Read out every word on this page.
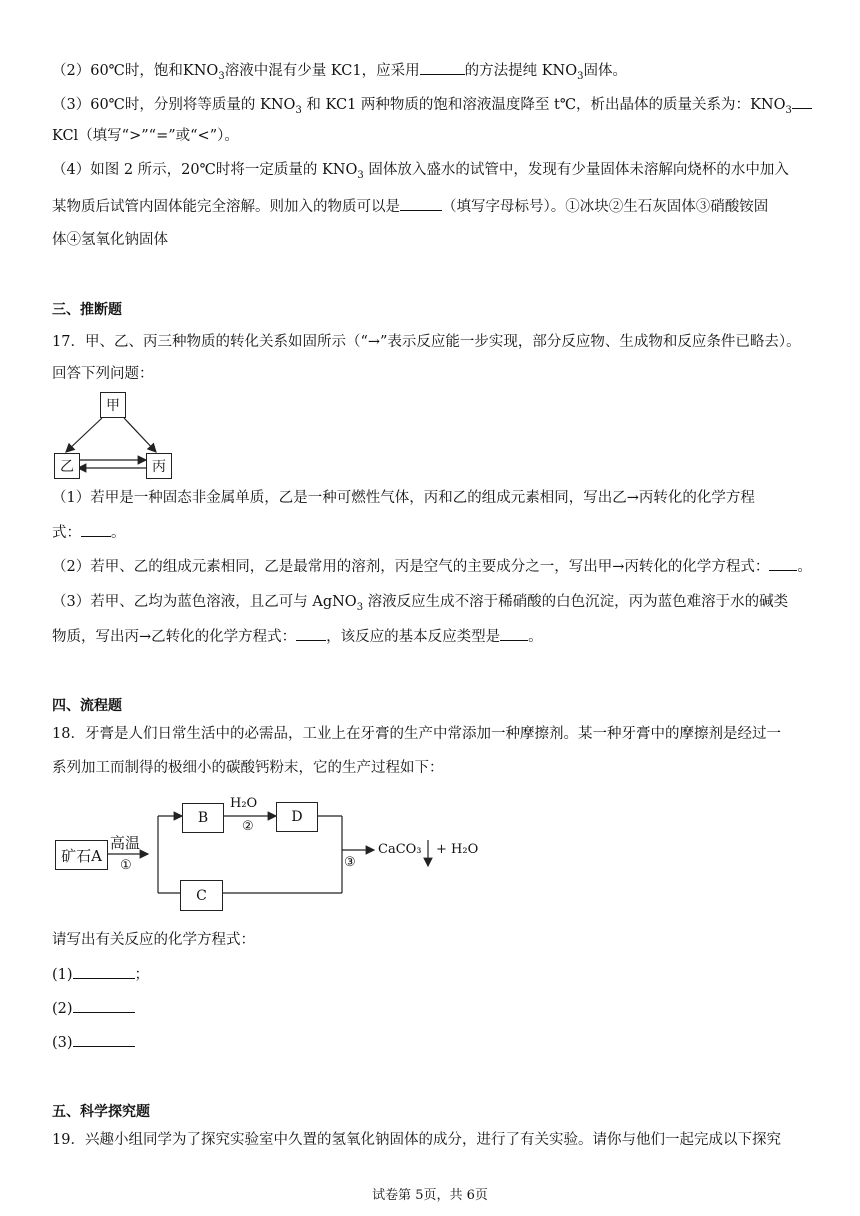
（2）60℃时，饱和$KNO_3$溶液中混有少量 KC1，应采用	的方法提纯 $KNO_3$固体。
（3）60℃时，分别将等质量的 $KNO_3$ 和 KC1 两种物质的饱和溶液温度降至 t℃，析出晶体的质量关系为：$KNO_3$
KCl（填写“>”“=”或“<”）。
（4）如图 2 所示，20℃时将一定质量的 $KNO_3$ 固体放入盛水的试管中，发现有少量固体未溶解向烧杯的水中加入
某物质后试管内固体能完全溶解。则加入的物质可以是	（填写字母标号）。①冰块②生石灰固体③硝酸铵固
体④氢氧化钠固体
三、推断题
17．甲、乙、丙三种物质的转化关系如固所示（“→”表示反应能一步实现，部分反应物、生成物和反应条件已略去）。
回答下列问题：
甲
乙	丙
（1）若甲是一种固态非金属单质，乙是一种可燃性气体，丙和乙的组成元素相同，写出乙→丙转化的化学方程
式： 。
（2）若甲、乙的组成元素相同，乙是最常用的溶剂，丙是空气的主要成分之一，写出甲→丙转化的化学方程式： 。
（3）若甲、乙均为蓝色溶液，且乙可与 AgNO$_3$ 溶液反应生成不溶于稀硝酸的白色沉淀，丙为蓝色难溶于水的碱类
物质，写出丙→乙转化的化学方程式： ，该反应的基本反应类型是 。
四、流程题
18．牙膏是人们日常生活中的必需品，工业上在牙膏的生产中常添加一种摩擦剂。某一种牙膏中的摩擦剂是经过一
系列加工而制得的极细小的碳酸钙粉末，它的生产过程如下：
矿石A
高温
①
B
H₂O
②
D
C
③
CaCO₃ + H₂O
请写出有关反应的化学方程式：
(1)	；
(2)
(3)
五、科学探究题
19．兴趣小组同学为了探究实验室中久置的氢氧化钠固体的成分，进行了有关实验。请你与他们一起完成以下探究
试卷第 5页，共 6页
